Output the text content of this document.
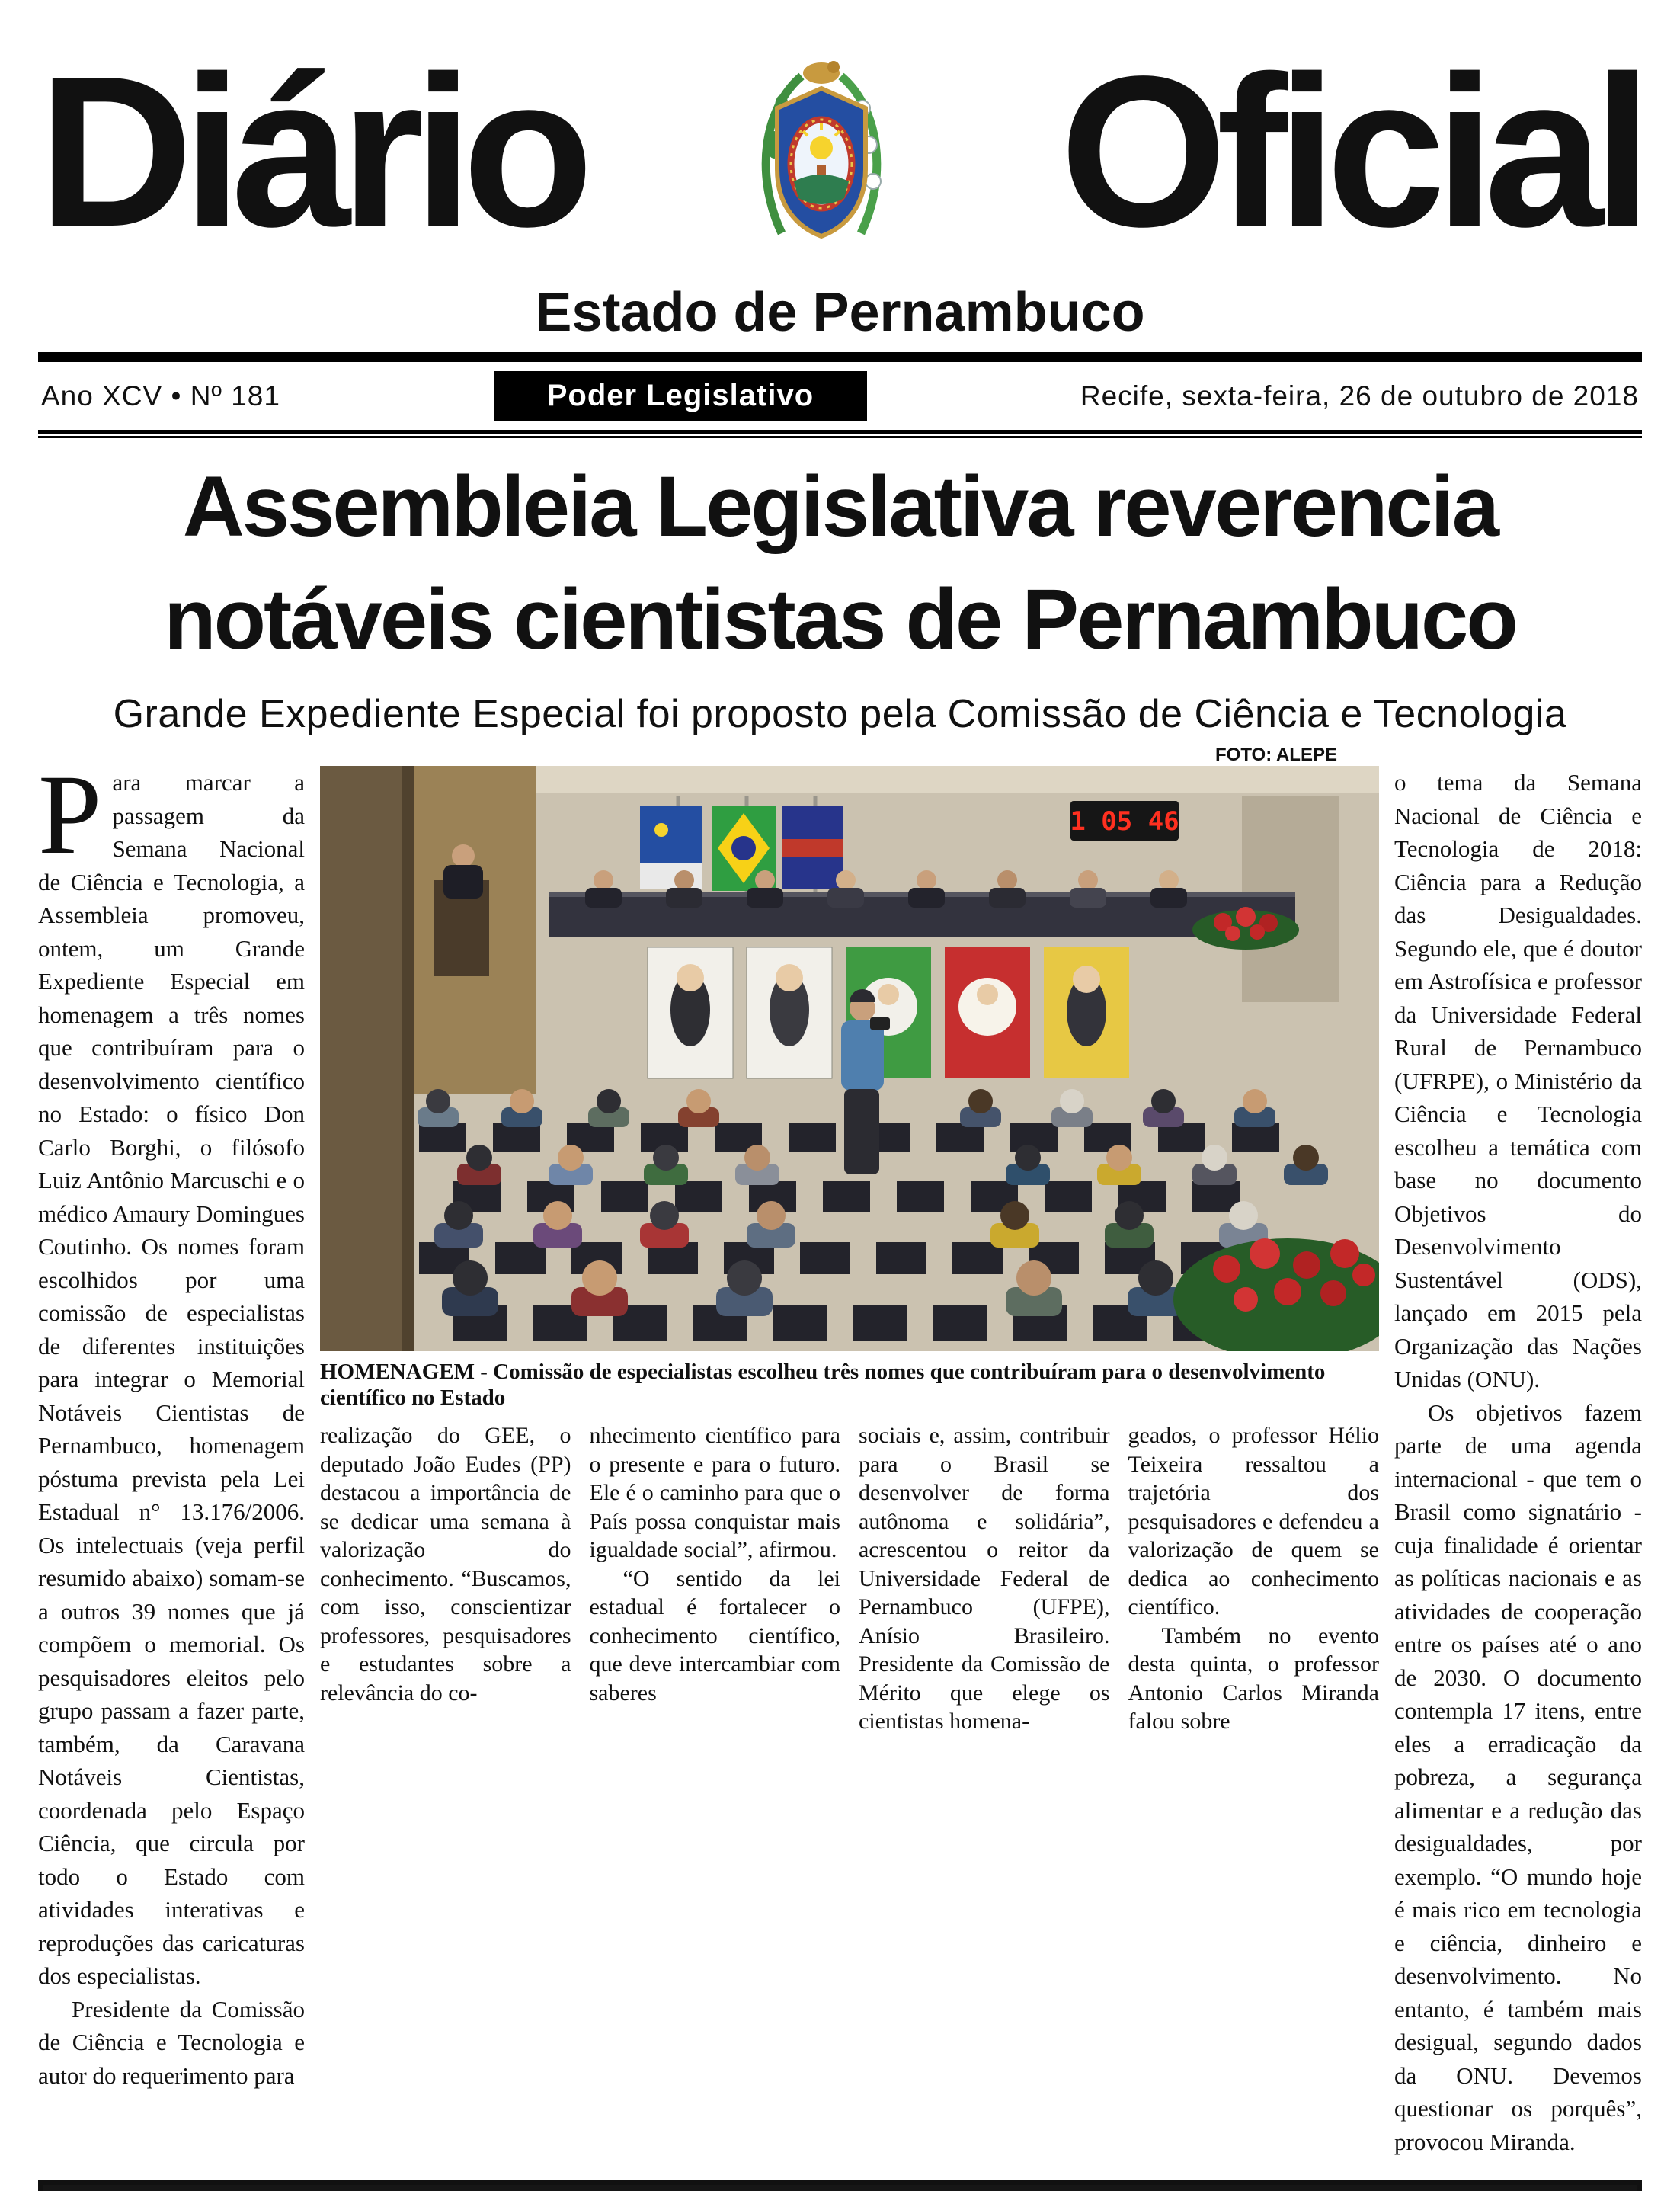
Diário Oficial
Estado de Pernambuco
Ano XCV • Nº 181	Poder Legislativo	Recife, sexta-feira, 26 de outubro de 2018
Assembleia Legislativa reverencia
notáveis cientistas de Pernambuco
Grande Expediente Especial foi proposto pela Comissão de Ciência e Tecnologia
FOTO: ALEPE

Para marcar a passagem da Semana Nacional de Ciência e Tecnologia, a Assembleia promoveu, ontem, um Grande Expediente Especial em homenagem a três nomes que contribuíram para o desenvolvimento científico no Estado: o físico Don Carlo Borghi, o filósofo Luiz Antônio Marcuschi e o médico Amaury Domingues Coutinho. Os nomes foram escolhidos por uma comissão de especialistas de diferentes instituições para integrar o Memorial Notáveis Cientistas de Pernambuco, homenagem póstuma prevista pela Lei Estadual n° 13.176/2006. Os intelectuais (veja perfil resumido abaixo) somam-se a outros 39 nomes que já compõem o memorial. Os pesquisadores eleitos pelo grupo passam a fazer parte, também, da Caravana Notáveis Cientistas, coordenada pelo Espaço Ciência, que circula por todo o Estado com atividades interativas e reproduções das caricaturas dos especialistas.

Presidente da Comissão de Ciência e Tecnologia e autor do requerimento para

1 05 46
HOMENAGEM - Comissão de especialistas escolheu três nomes que contribuíram para o desenvolvimento científico no Estado

realização do GEE, o deputado João Eudes (PP) destacou a importância de se dedicar uma semana à valorização do conhecimento. “Buscamos, com isso, conscientizar professores, pesquisadores e estudantes sobre a relevância do co-

nhecimento científico para o presente e para o futuro. Ele é o caminho para que o País possa conquistar mais igualdade social”, afirmou.

“O sentido da lei estadual é fortalecer o conhecimento científico, que deve intercambiar com saberes

sociais e, assim, contribuir para o Brasil se desenvolver de forma autônoma e solidária”, acrescentou o reitor da Universidade Federal de Pernambuco (UFPE), Anísio Brasileiro. Presidente da Comissão de Mérito que elege os cientistas homena-

geados, o professor Hélio Teixeira ressaltou a trajetória dos pesquisadores e defendeu a valorização de quem se dedica ao conhecimento científico.

Também no evento desta quinta, o professor Antonio Carlos Miranda falou sobre

o tema da Semana Nacional de Ciência e Tecnologia de 2018: Ciência para a Redução das Desigualdades. Segundo ele, que é doutor em Astrofísica e professor da Universidade Federal Rural de Pernambuco (UFRPE), o Ministério da Ciência e Tecnologia escolheu a temática com base no documento Objetivos do Desenvolvimento Sustentável (ODS), lançado em 2015 pela Organização das Nações Unidas (ONU).

Os objetivos fazem parte de uma agenda internacional - que tem o Brasil como signatário - cuja finalidade é orientar as políticas nacionais e as atividades de cooperação entre os países até o ano de 2030. O documento contempla 17 itens, entre eles a erradicação da pobreza, a segurança alimentar e a redução das desigualdades, por exemplo. “O mundo hoje é mais rico em tecnologia e ciência, dinheiro e desenvolvimento. No entanto, é também mais desigual, segundo dados da ONU. Devemos questionar os porquês”, provocou Miranda.
